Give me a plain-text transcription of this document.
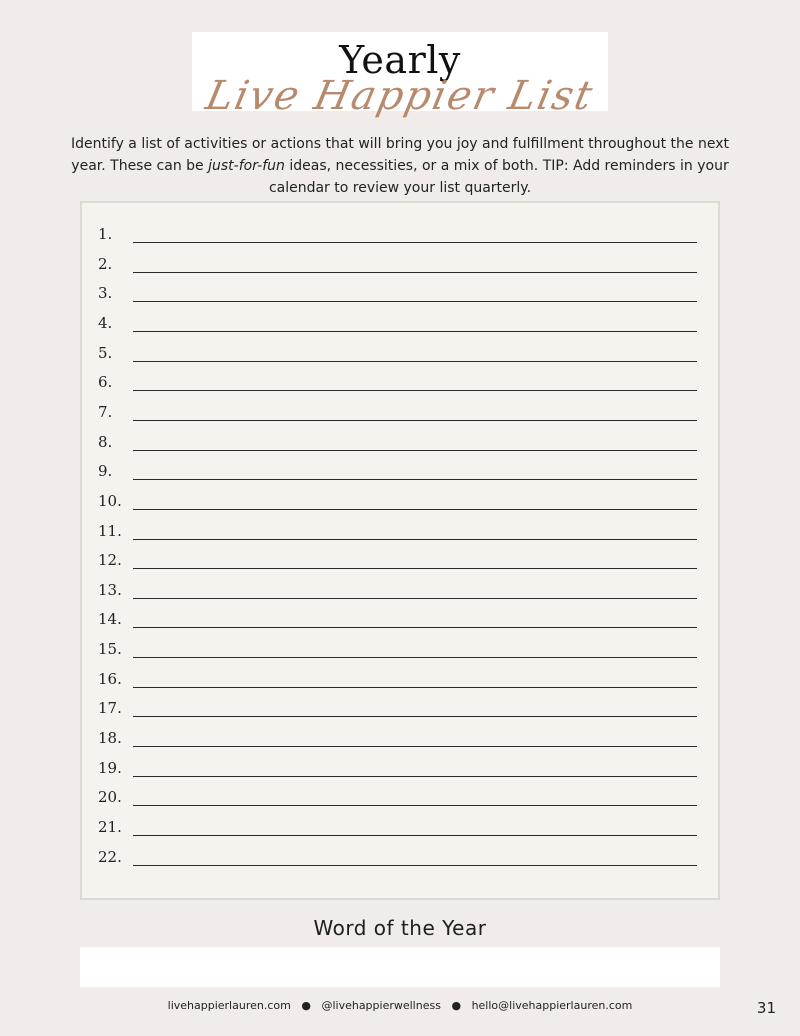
Yearly
Live Happier List
Identify a list of activities or actions that will bring you joy and fulfillment throughout the next year. These can be just-for-fun ideas, necessities, or a mix of both. TIP: Add reminders in your calendar to review your list quarterly.
1.
2.
3.
4.
5.
6.
7.
8.
9.
10.
11.
12.
13.
14.
15.
16.
17.
18.
19.
20.
21.
22.
Word of the Year
livehappierlauren.com ● @livehappierwellness ● hello@livehappierlauren.com	31
